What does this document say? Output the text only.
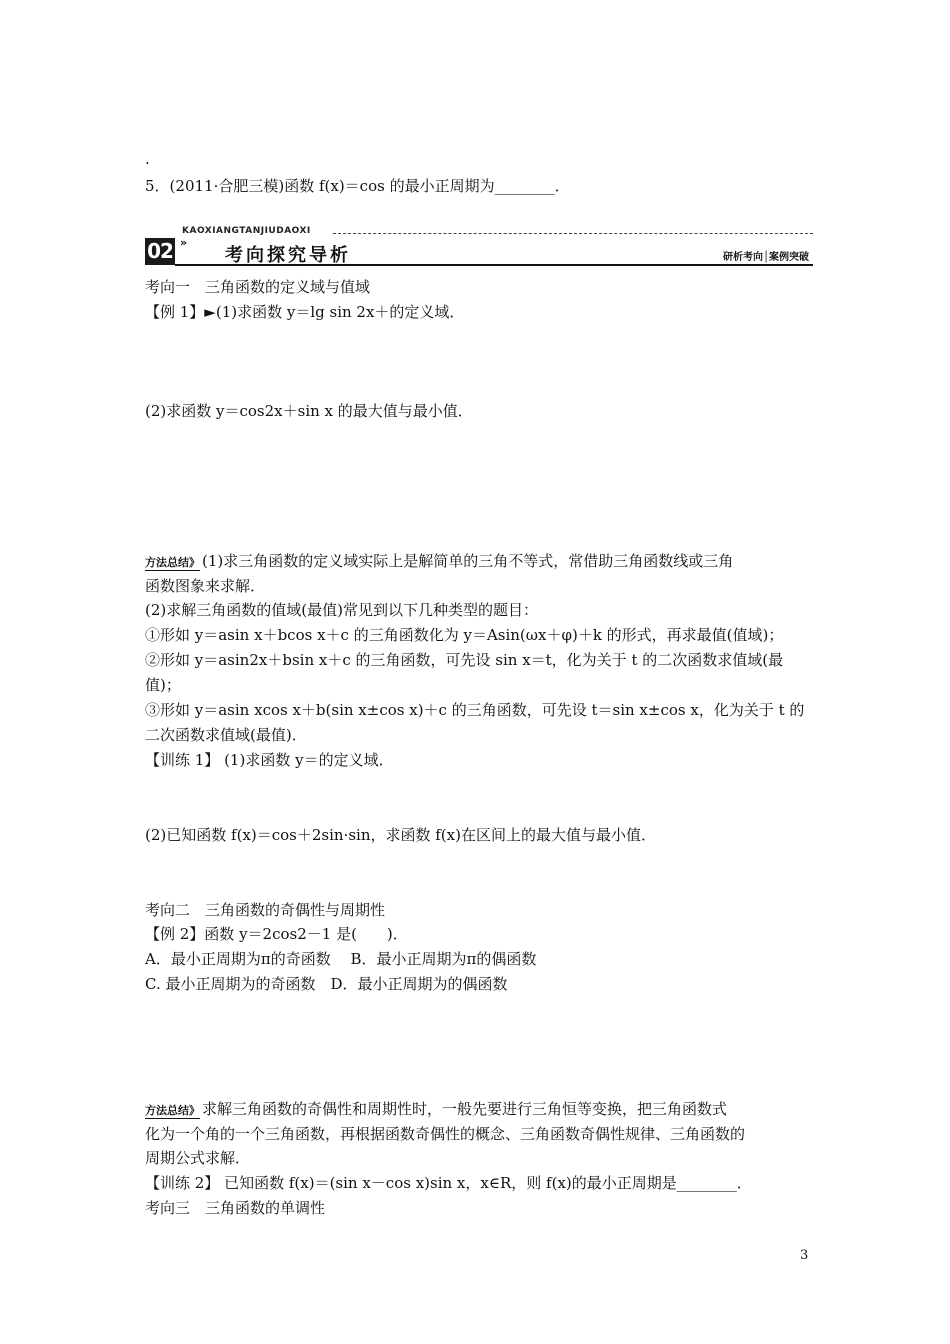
.
5．(2011·合肥三模)函数 f(x)＝cos 的最小正周期为________．
KAOXIANGTANJIUDAOXI
02 »
考向探究导析	研析考向│案例突破
考向一　三角函数的定义域与值域
【例 1】►(1)求函数 y＝lg sin 2x＋的定义域．
(2)求函数 y＝cos2x＋sin x 的最大值与最小值．
方法总结》 (1)求三角函数的定义域实际上是解简单的三角不等式，常借助三角函数线或三角
函数图象来求解．
(2)求解三角函数的值域(最值)常见到以下几种类型的题目：
①形如 y＝asin x＋bcos x＋c 的三角函数化为 y＝Asin(ωx＋φ)＋k 的形式，再求最值(值域)；
②形如 y＝asin2x＋bsin x＋c 的三角函数，可先设 sin x＝t，化为关于 t 的二次函数求值域(最
值)；
③形如 y＝asin xcos x＋b(sin x±cos x)＋c 的三角函数，可先设 t＝sin x±cos x，化为关于 t 的
二次函数求值域(最值)．
【训练 1】 (1)求函数 y＝的定义域．
(2)已知函数 f(x)＝cos＋2sin·sin，求函数 f(x)在区间上的最大值与最小值．
考向二　三角函数的奇偶性与周期性
【例 2】函数 y＝2cos2－1 是(　　)．
A．最小正周期为π的奇函数　 B．最小正周期为π的偶函数
C. 最小正周期为的奇函数　D．最小正周期为的偶函数
方法总结》 求解三角函数的奇偶性和周期性时，一般先要进行三角恒等变换，把三角函数式
化为一个角的一个三角函数，再根据函数奇偶性的概念、三角函数奇偶性规律、三角函数的
周期公式求解．
【训练 2】 已知函数 f(x)＝(sin x－cos x)sin x，x∈R，则 f(x)的最小正周期是________．
考向三　三角函数的单调性
3
